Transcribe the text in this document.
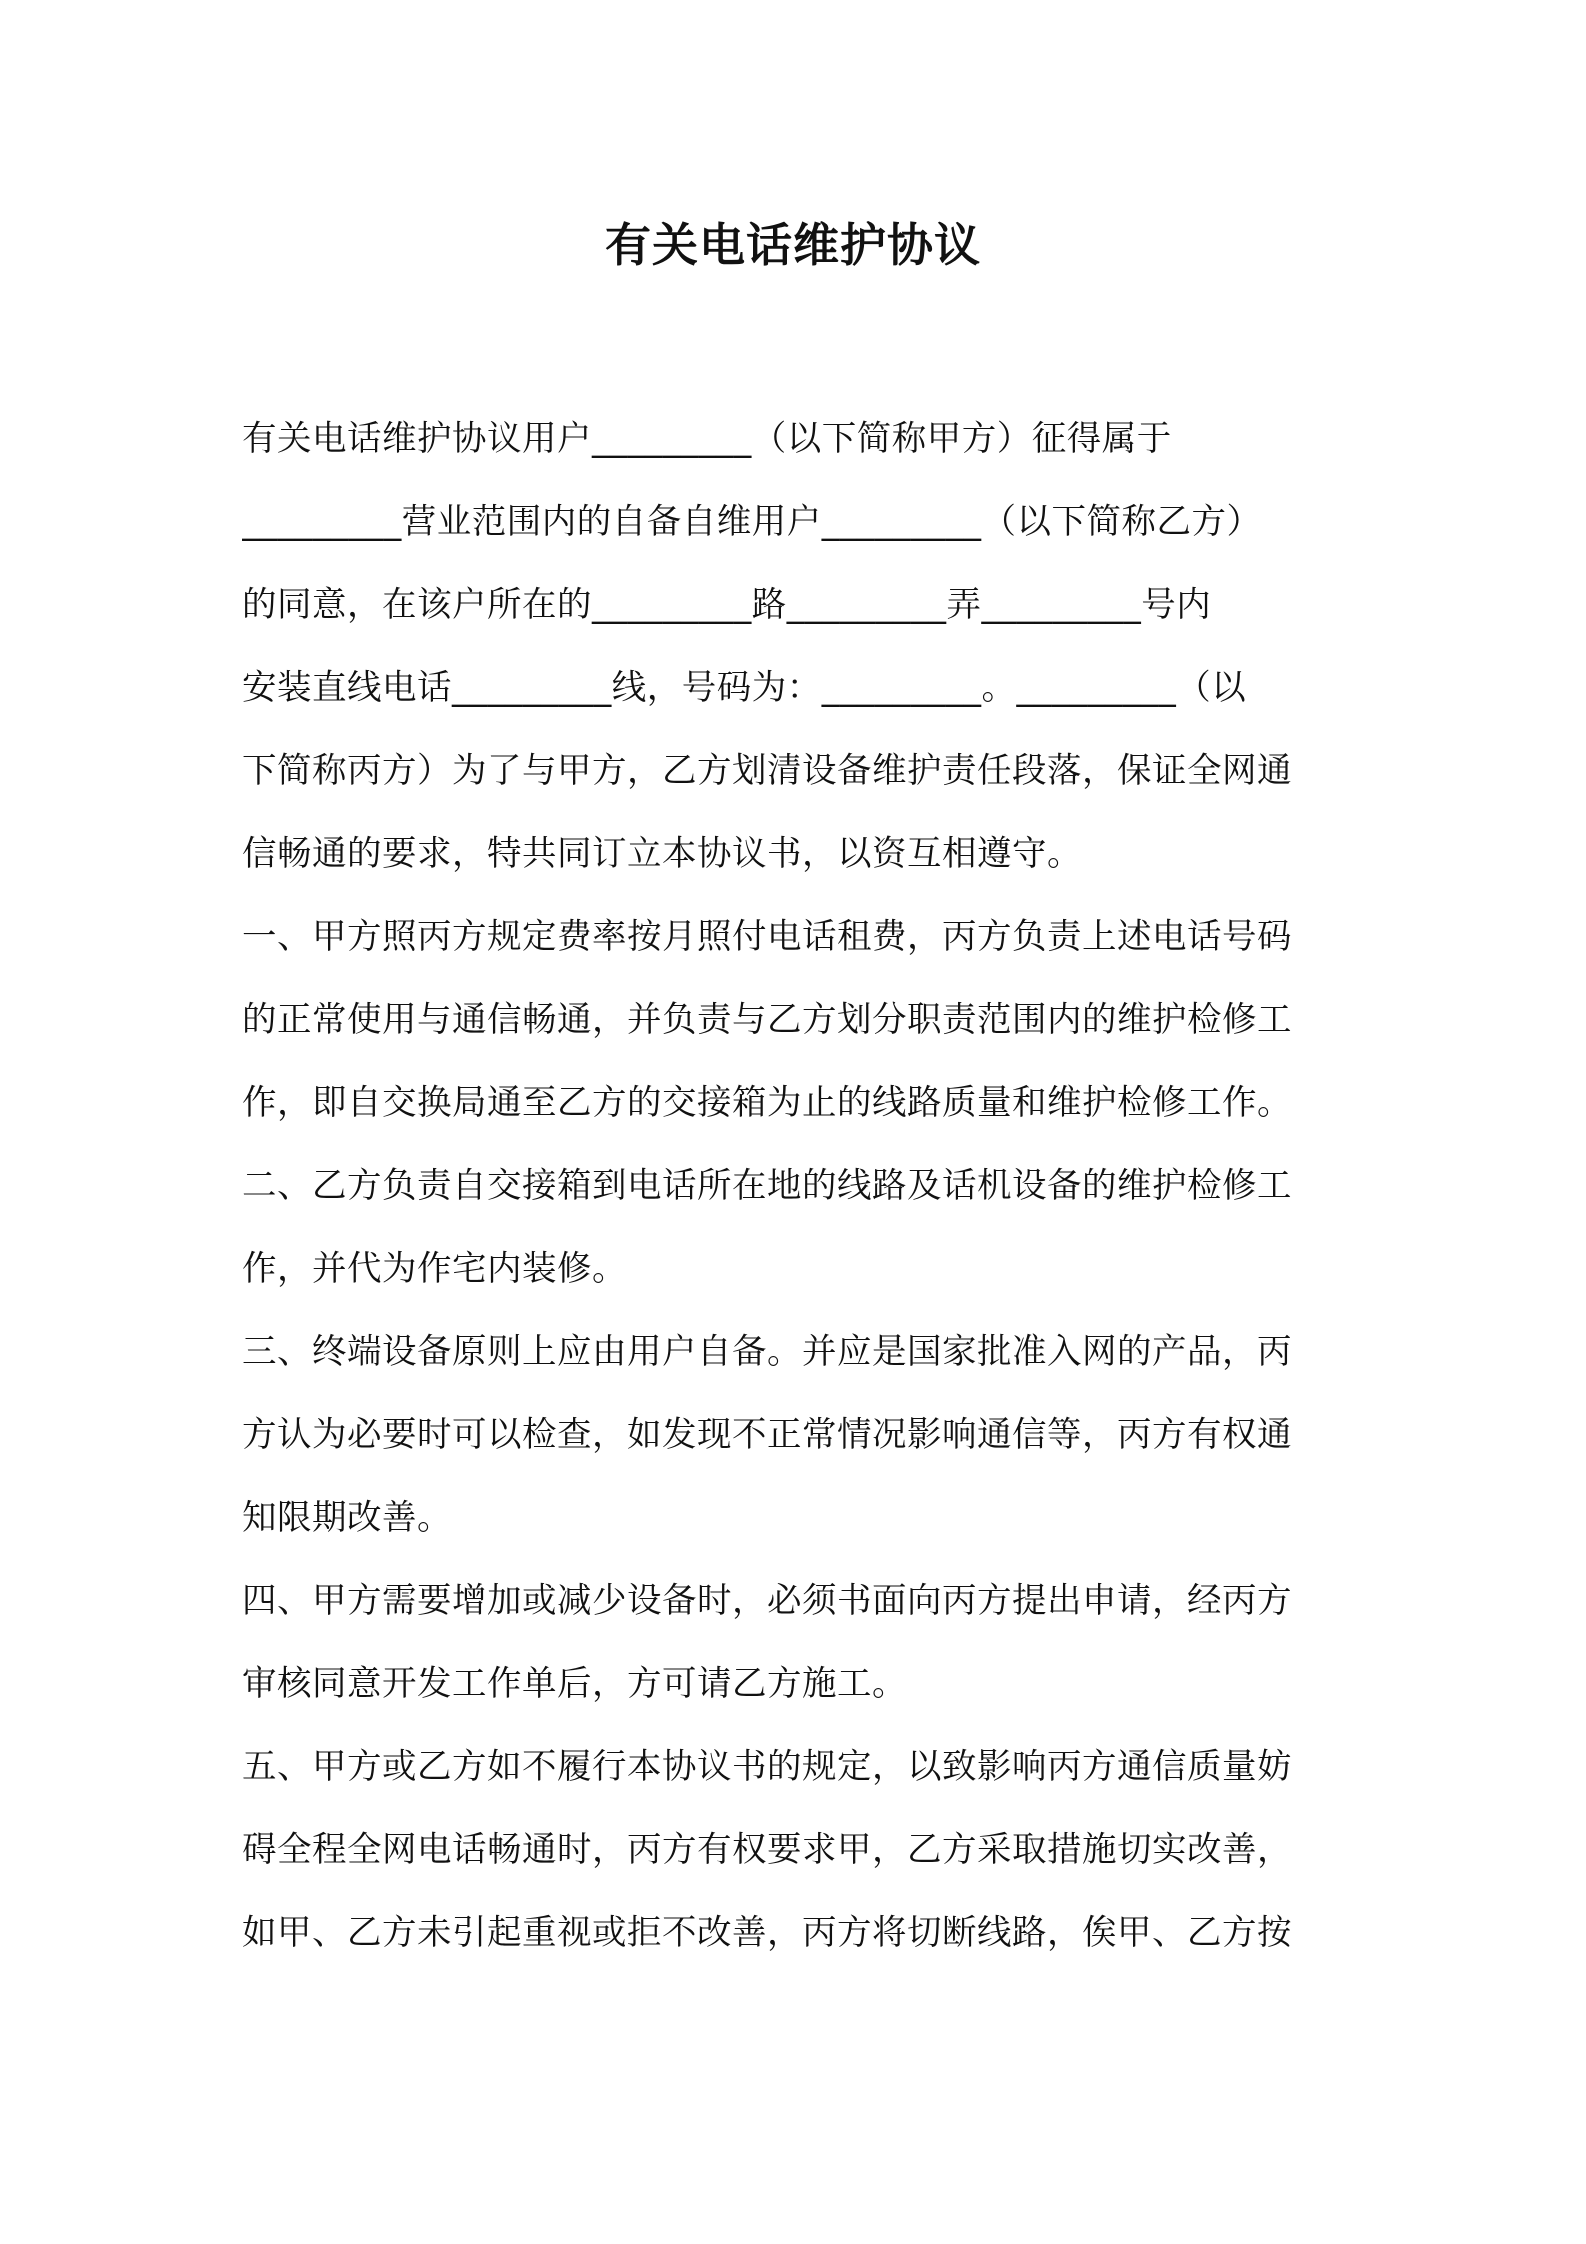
有关电话维护协议
有关电话维护协议用户_________（以下简称甲方）征得属于
_________营业范围内的自备自维用户_________（以下简称乙方）
的同意，在该户所在的_________路_________弄_________号内
安装直线电话_________线，号码为：_________。_________（以
下简称丙方）为了与甲方，乙方划清设备维护责任段落，保证全网通
信畅通的要求，特共同订立本协议书，以资互相遵守。
一、甲方照丙方规定费率按月照付电话租费，丙方负责上述电话号码
的正常使用与通信畅通，并负责与乙方划分职责范围内的维护检修工
作，即自交换局通至乙方的交接箱为止的线路质量和维护检修工作。
二、乙方负责自交接箱到电话所在地的线路及话机设备的维护检修工
作，并代为作宅内装修。
三、终端设备原则上应由用户自备。并应是国家批准入网的产品，丙
方认为必要时可以检查，如发现不正常情况影响通信等，丙方有权通
知限期改善。
四、甲方需要增加或减少设备时，必须书面向丙方提出申请，经丙方
审核同意开发工作单后，方可请乙方施工。
五、甲方或乙方如不履行本协议书的规定，以致影响丙方通信质量妨
碍全程全网电话畅通时，丙方有权要求甲，乙方采取措施切实改善，
如甲、乙方未引起重视或拒不改善，丙方将切断线路，俟甲、乙方按
